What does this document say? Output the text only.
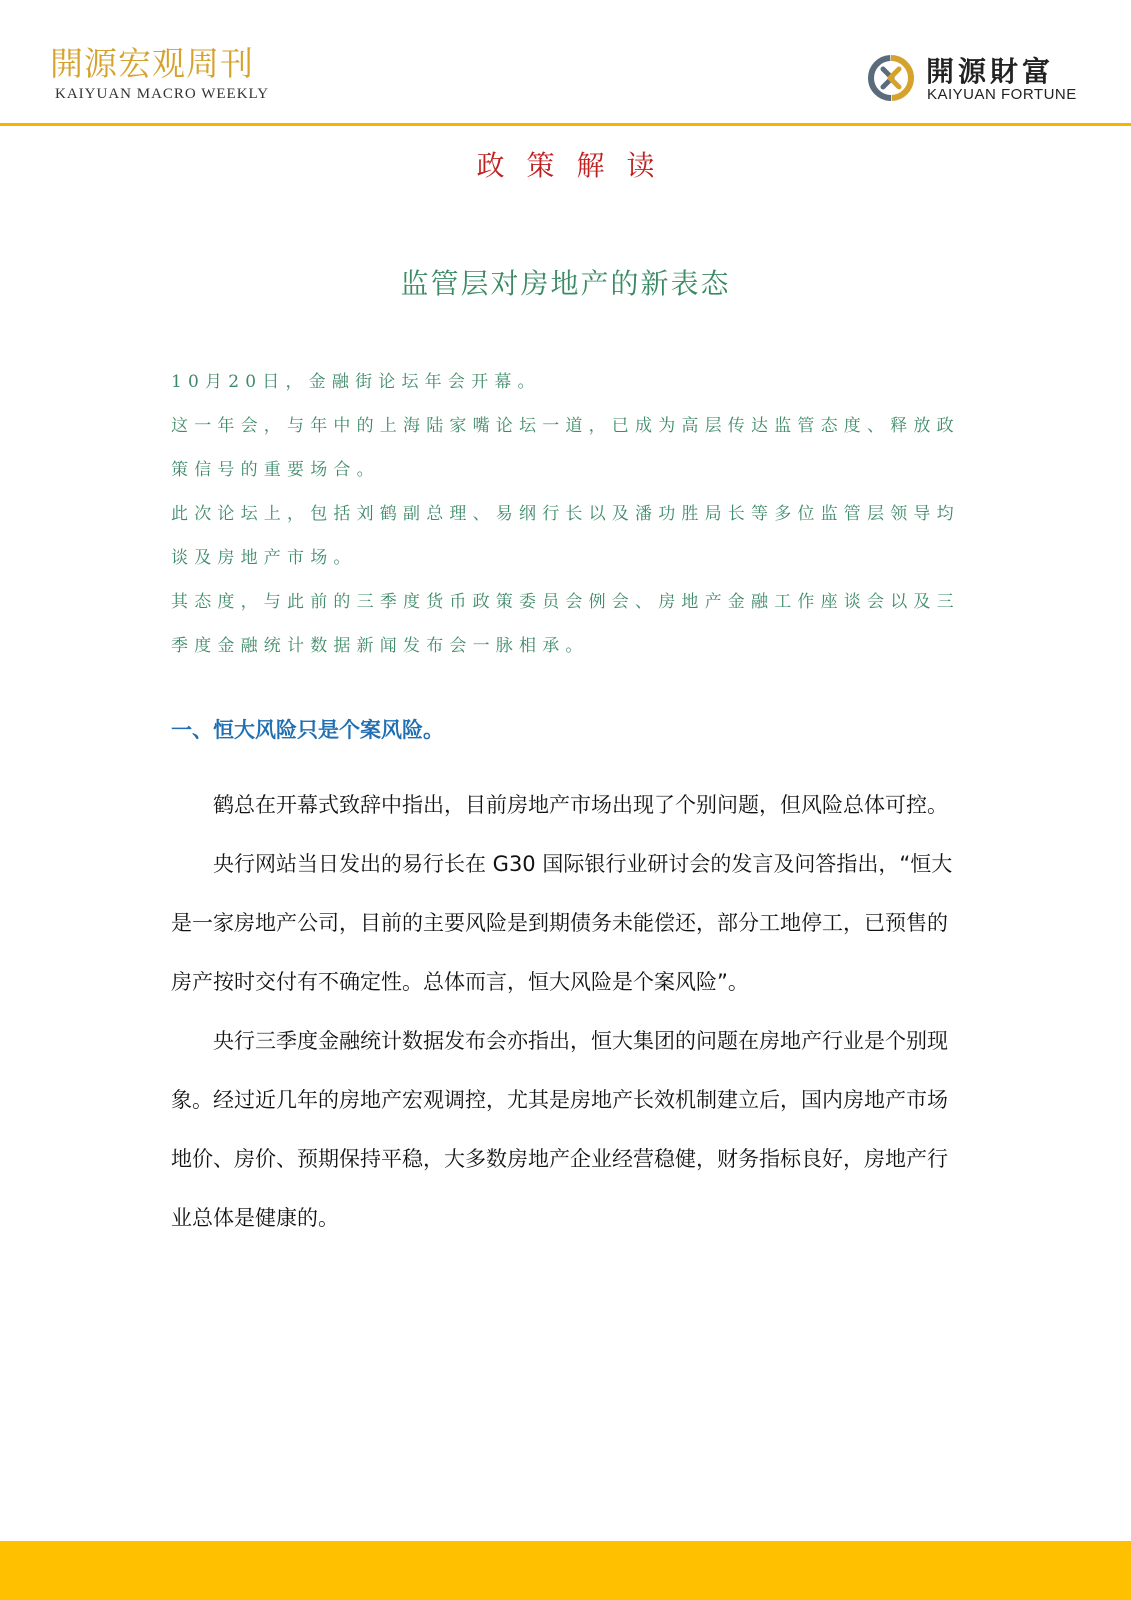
開源宏观周刊
KAIYUAN MACRO WEEKLY
開源財富
KAIYUAN FORTUNE
政策解读
监管层对房地产的新表态

10月20日，金融街论坛年会开幕。

这一年会，与年中的上海陆家嘴论坛一道，已成为高层传达监管态度、释放政策信号的重要场合。

此次论坛上，包括刘鹤副总理、易纲行长以及潘功胜局长等多位监管层领导均谈及房地产市场。

其态度，与此前的三季度货币政策委员会例会、房地产金融工作座谈会以及三季度金融统计数据新闻发布会一脉相承。

一、恒大风险只是个案风险。

鹤总在开幕式致辞中指出，目前房地产市场出现了个别问题，但风险总体可控。

央行网站当日发出的易行长在 G30 国际银行业研讨会的发言及问答指出，“恒大是一家房地产公司，目前的主要风险是到期债务未能偿还，部分工地停工，已预售的房产按时交付有不确定性。总体而言，恒大风险是个案风险”。

央行三季度金融统计数据发布会亦指出，恒大集团的问题在房地产行业是个别现象。经过近几年的房地产宏观调控，尤其是房地产长效机制建立后，国内房地产市场地价、房价、预期保持平稳，大多数房地产企业经营稳健，财务指标良好，房地产行业总体是健康的。
